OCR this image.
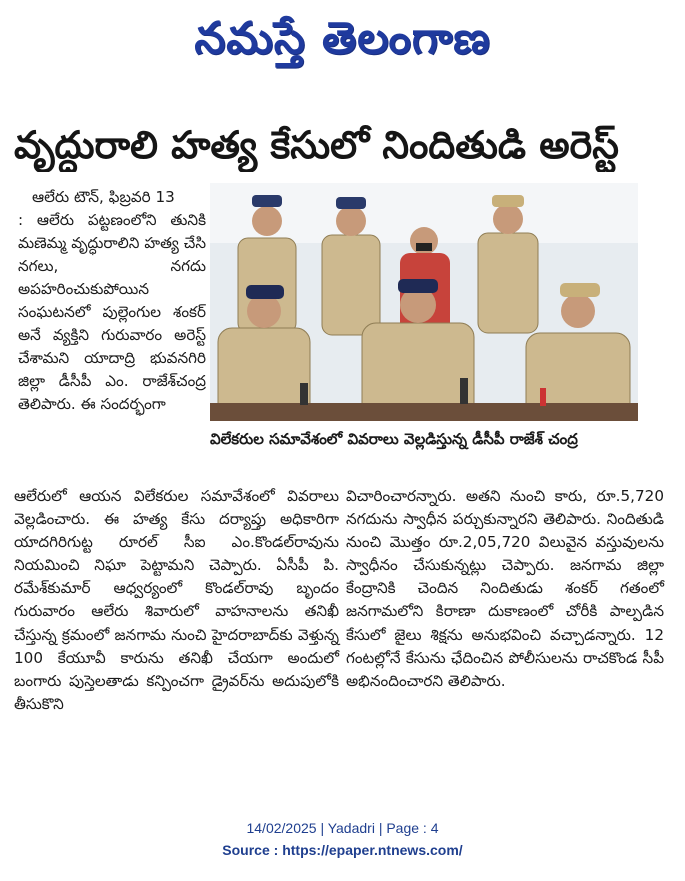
నమస్తే తెలంగాణ
వృద్ధురాలి హత్య కేసులో నిందితుడి అరెస్ట్

ఆలేరు టౌన్, ఫిబ్రవరి 13

: ఆలేరు పట్టణంలోని తునికి మణెమ్మ వృద్ధురాలిని హత్య చేసి నగలు, నగదు అపహరించుకుపోయిన సంఘటనలో పుల్లెంగుల శంకర్ అనే వ్యక్తిని గురువారం అరెస్ట్ చేశామని యాదాద్రి భువనగిరి జిల్లా డీసీపీ ఎం. రాజేశ్‌చంద్ర తెలిపారు. ఈ సందర్భంగా

విలేకరుల సమావేశంలో వివరాలు వెల్లడిస్తున్న డీసీపీ రాజేశ్ చంద్ర

ఆలేరులో ఆయన విలేకరుల సమావేశంలో వివరాలు వెల్లడించారు. ఈ హత్య కేసు దర్యాప్తు అధికారిగా యాదగిరిగుట్ట రూరల్ సీఐ ఎం.కొండల్‌రావును నియమించి నిఘా పెట్టామని చెప్పారు. ఏసీపీ పి. రమేశ్‌కుమార్ ఆధ్వర్యంలో కొండల్‌రావు బృందం గురువారం ఆలేరు శివారులో వాహనాలను తనిఖీ చేస్తున్న క్రమంలో జనగామ నుంచి హైదరాబాద్‌కు వెళ్తున్న 100 కేయూవీ కారును తనిఖీ చేయగా అందులో బంగారు పుస్తెలతాడు కన్పించగా డ్రైవర్‌ను అదుపులోకి తీసుకొని

విచారించారన్నారు. అతని నుంచి కారు, రూ.5,720 నగదును స్వాధీన పర్చుకున్నారని తెలిపారు. నిందితుడి నుంచి మొత్తం రూ.2,05,720 విలువైన వస్తువులను స్వాధీనం చేసుకున్నట్లు చెప్పారు. జనగామ జిల్లా కేంద్రానికి చెందిన నిందితుడు శంకర్ గతంలో జనగామలోని కిరాణా దుకాణంలో చోరీకి పాల్పడిన కేసులో జైలు శిక్షను అనుభవించి వచ్చాడన్నారు. 12 గంటల్లోనే కేసును ఛేదించిన పోలీసులను రాచకొండ సీపీ అభినందించారని తెలిపారు.

14/02/2025 | Yadadri | Page : 4
Source : https://epaper.ntnews.com/
